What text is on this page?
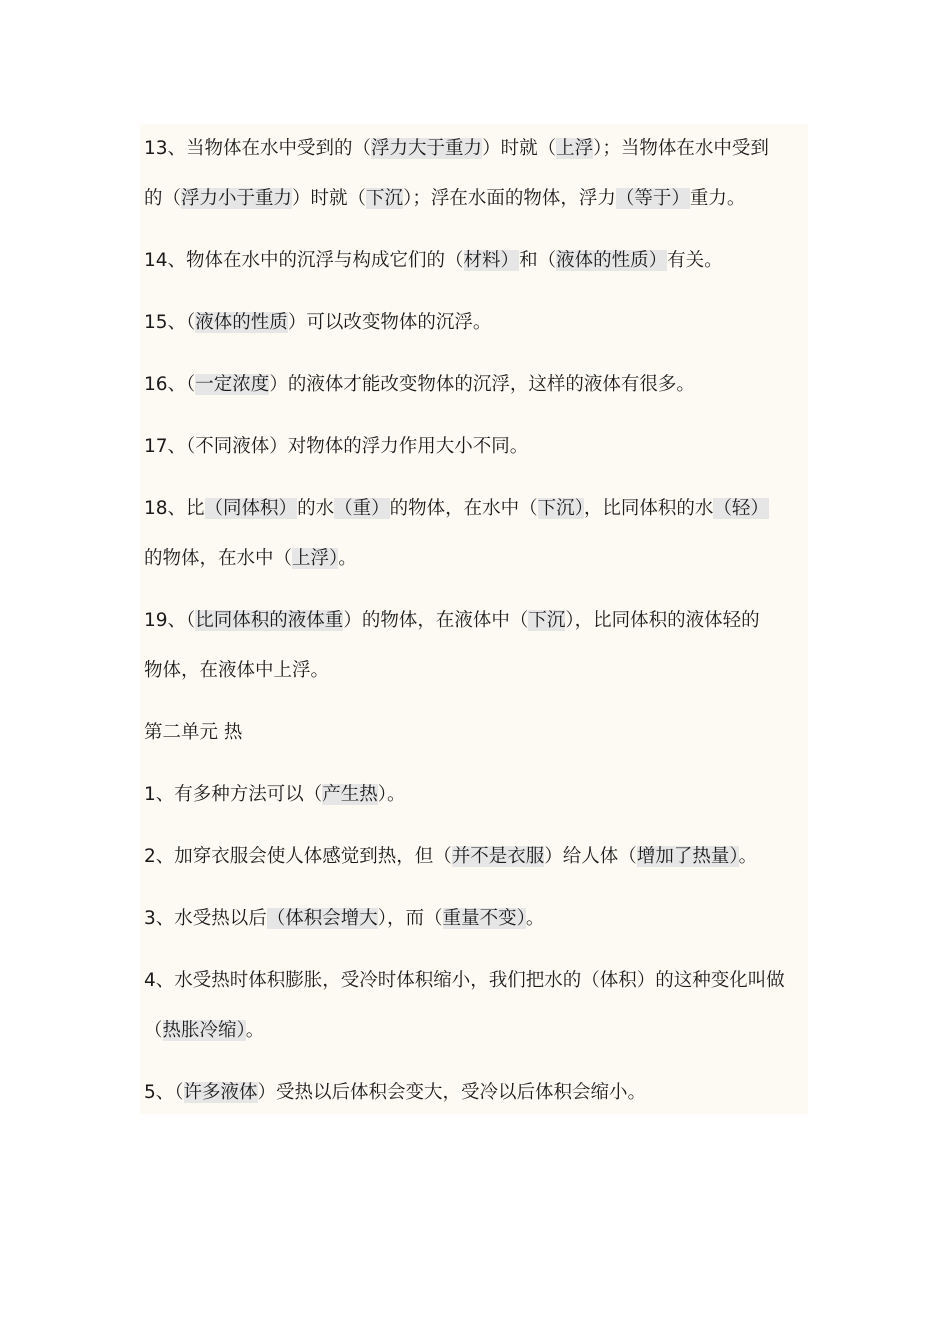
13、当物体在水中受到的（浮力大于重力）时就（上浮）；当物体在水中受到
的（浮力小于重力）时就（下沉）；浮在水面的物体，浮力（等于）重力。
14、物体在水中的沉浮与构成它们的（材料）和（液体的性质）有关。
15、（液体的性质）可以改变物体的沉浮。
16、（一定浓度）的液体才能改变物体的沉浮，这样的液体有很多。
17、（不同液体）对物体的浮力作用大小不同。
18、比（同体积）的水（重）的物体，在水中（下沉），比同体积的水（轻）
的物体，在水中（上浮）。
19、（比同体积的液体重）的物体，在液体中（下沉），比同体积的液体轻的
物体，在液体中上浮。
第二单元 热
1、有多种方法可以（产生热）。
2、加穿衣服会使人体感觉到热，但（并不是衣服）给人体（增加了热量）。
3、水受热以后（体积会增大），而（重量不变）。
4、水受热时体积膨胀，受冷时体积缩小，我们把水的（体积）的这种变化叫做
（热胀冷缩）。
5、（许多液体）受热以后体积会变大，受冷以后体积会缩小。
